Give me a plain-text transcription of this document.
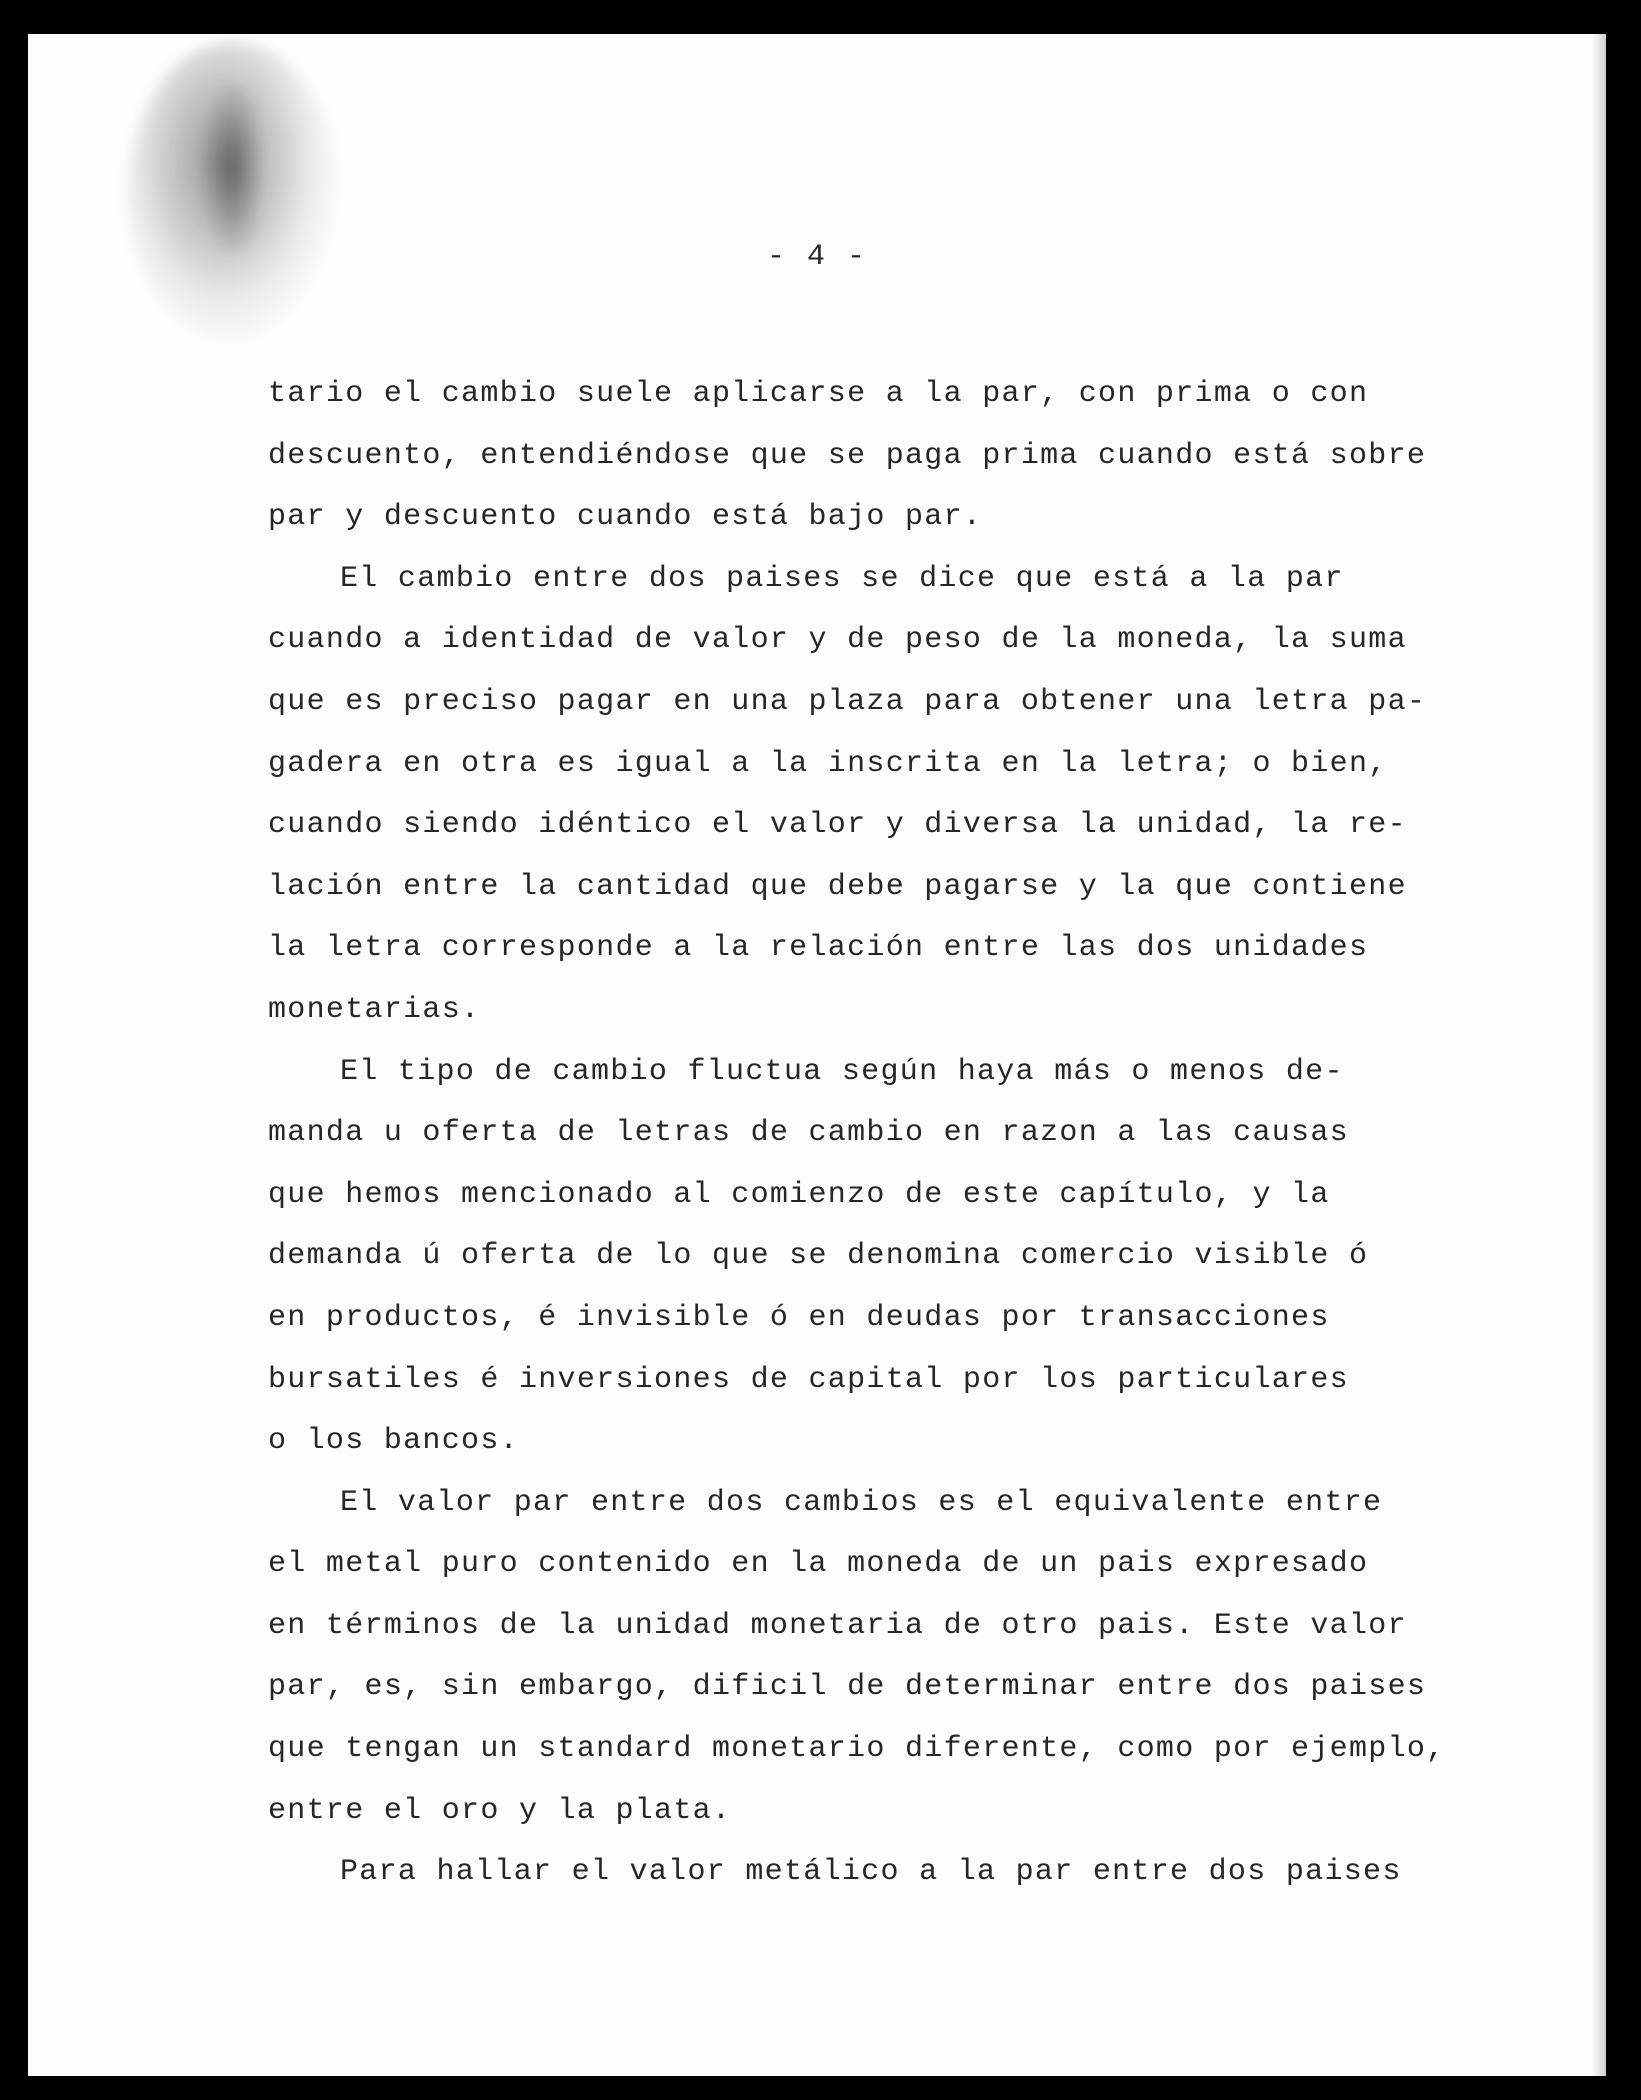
- 4 -
tario el cambio suele aplicarse a la par, con prima o con
descuento, entendiéndose que se paga prima cuando está sobre
par y descuento cuando está bajo par.
El cambio entre dos paises se dice que está a la par
cuando a identidad de valor y de peso de la moneda, la suma
que es preciso pagar en una plaza para obtener una letra pa-
gadera en otra es igual a la inscrita en la letra; o bien,
cuando siendo idéntico el valor y diversa la unidad, la re-
lación entre la cantidad que debe pagarse y la que contiene
la letra corresponde a la relación entre las dos unidades
monetarias.
El tipo de cambio fluctua según haya más o menos de-
manda u oferta de letras de cambio en razon a las causas
que hemos mencionado al comienzo de este capítulo, y la
demanda ú oferta de lo que se denomina comercio visible ó
en productos, é invisible ó en deudas por transacciones
bursatiles é inversiones de capital por los particulares
o los bancos.
El valor par entre dos cambios es el equivalente entre
el metal puro contenido en la moneda de un pais expresado
en términos de la unidad monetaria de otro pais. Este valor
par, es, sin embargo, dificil de determinar entre dos paises
que tengan un standard monetario diferente, como por ejemplo,
entre el oro y la plata.
Para hallar el valor metálico a la par entre dos paises
